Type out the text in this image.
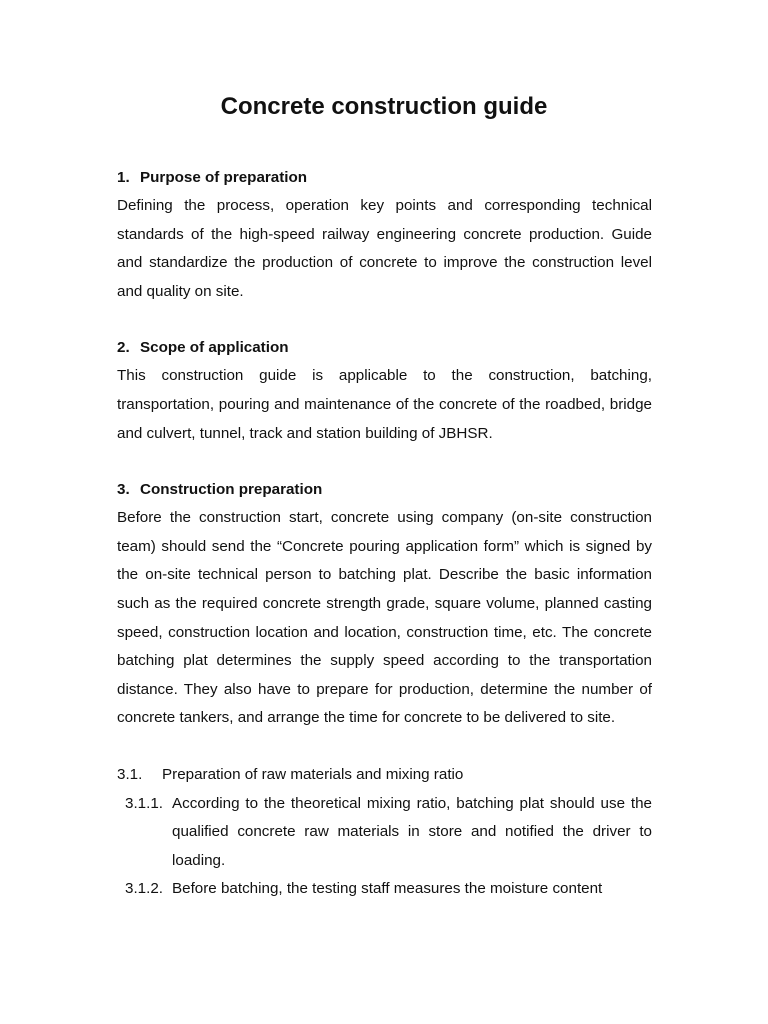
Concrete construction guide
1. Purpose of preparation

Defining the process, operation key points and corresponding technical standards of the high-speed railway engineering concrete production. Guide and standardize the production of concrete to improve the construction level and quality on site.

2. Scope of application

This construction guide is applicable to the construction, batching, transportation, pouring and maintenance of the concrete of the roadbed, bridge and culvert, tunnel, track and station building of JBHSR.

3. Construction preparation

Before the construction start, concrete using company (on-site construction team) should send the “Concrete pouring application form” which is signed by the on-site technical person to batching plat. Describe the basic information such as the required concrete strength grade, square volume, planned casting speed, construction location and location, construction time, etc. The concrete batching plat determines the supply speed according to the transportation distance. They also have to prepare for production, determine the number of concrete tankers, and arrange the time for concrete to be delivered to site.

3.1. Preparation of raw materials and mixing ratio
3.1.1. According to the theoretical mixing ratio, batching plat should use the qualified concrete raw materials in store and notified the driver to loading.
3.1.2. Before batching, the testing staff measures the moisture content
